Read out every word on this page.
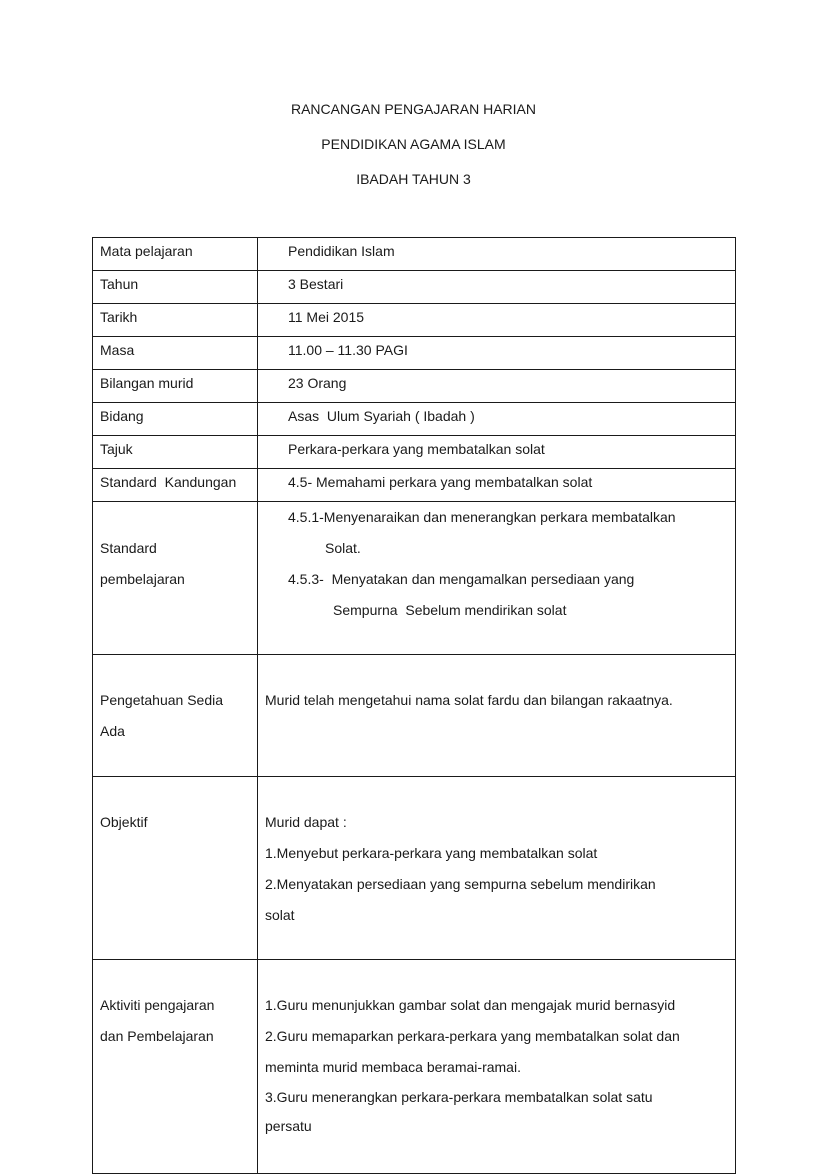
RANCANGAN PENGAJARAN HARIAN
PENDIDIKAN AGAMA ISLAM
IBADAH TAHUN 3
Mata pelajaran	Pendidikan Islam
Tahun	3 Bestari
Tarikh	11 Mei 2015
Masa	11.00 – 11.30 PAGI
Bilangan murid	23 Orang
Bidang	Asas  Ulum Syariah ( Ibadah )
Tajuk	Perkara-perkara yang membatalkan solat
Standard  Kandungan	4.5- Memahami perkara yang membatalkan solat

Standard
pembelajaran	4.5.1-Menyenaraikan dan menerangkan perkara membatalkan
Solat.
4.5.3-  Menyatakan dan mengamalkan persediaan yang
Sempurna  Sebelum mendirikan solat

Pengetahuan Sedia
Ada	Murid telah mengetahui nama solat fardu dan bilangan rakaatnya.

Objektif	Murid dapat :
1.Menyebut perkara-perkara yang membatalkan solat
2.Menyatakan persediaan yang sempurna sebelum mendirikan
solat

Aktiviti pengajaran
dan Pembelajaran	1.Guru menunjukkan gambar solat dan mengajak murid bernasyid
2.Guru memaparkan perkara-perkara yang membatalkan solat dan
meminta murid membaca beramai-ramai.
3.Guru menerangkan perkara-perkara membatalkan solat satu
persatu
